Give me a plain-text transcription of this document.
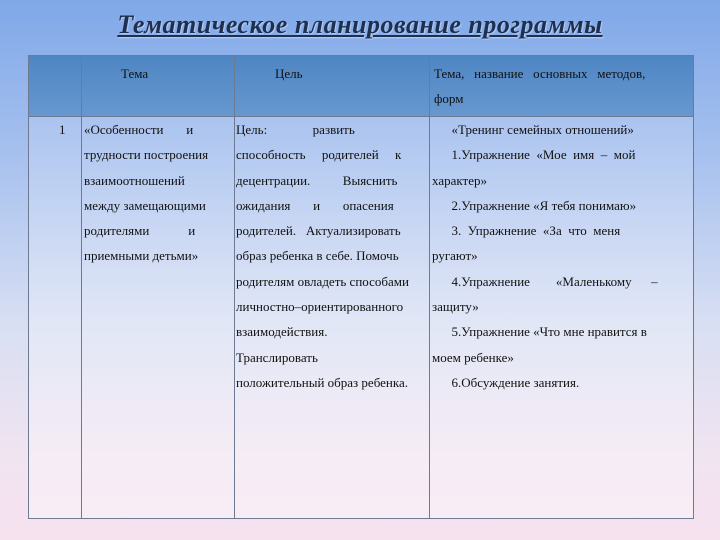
Тематическое планирование программы
Тема	Цель	Тема,   название   основных   методов,
форм
1 «Особенности       и
трудности построения
взаимоотношений
между замещающими
родителями            и
приемными детьми»
Цель:              развить
способность     родителей     к
децентрации.          Выяснить
ожидания       и       опасения
родителей.   Актуализировать
образ ребенка в себе. Помочь
родителям овладеть способами
личностно–ориентированного
взаимодействия.
Транслировать
положительный образ ребенка.
«Тренинг семейных отношений»
1.Упражнение  «Мое  имя  –  мой
характер»
2.Упражнение «Я тебя понимаю»
3.  Упражнение  «За  что  меня
ругают»
4.Упражнение        «Маленькому      –
защиту»
5.Упражнение «Что мне нравится в
моем ребенке»
6.Обсуждение занятия.
